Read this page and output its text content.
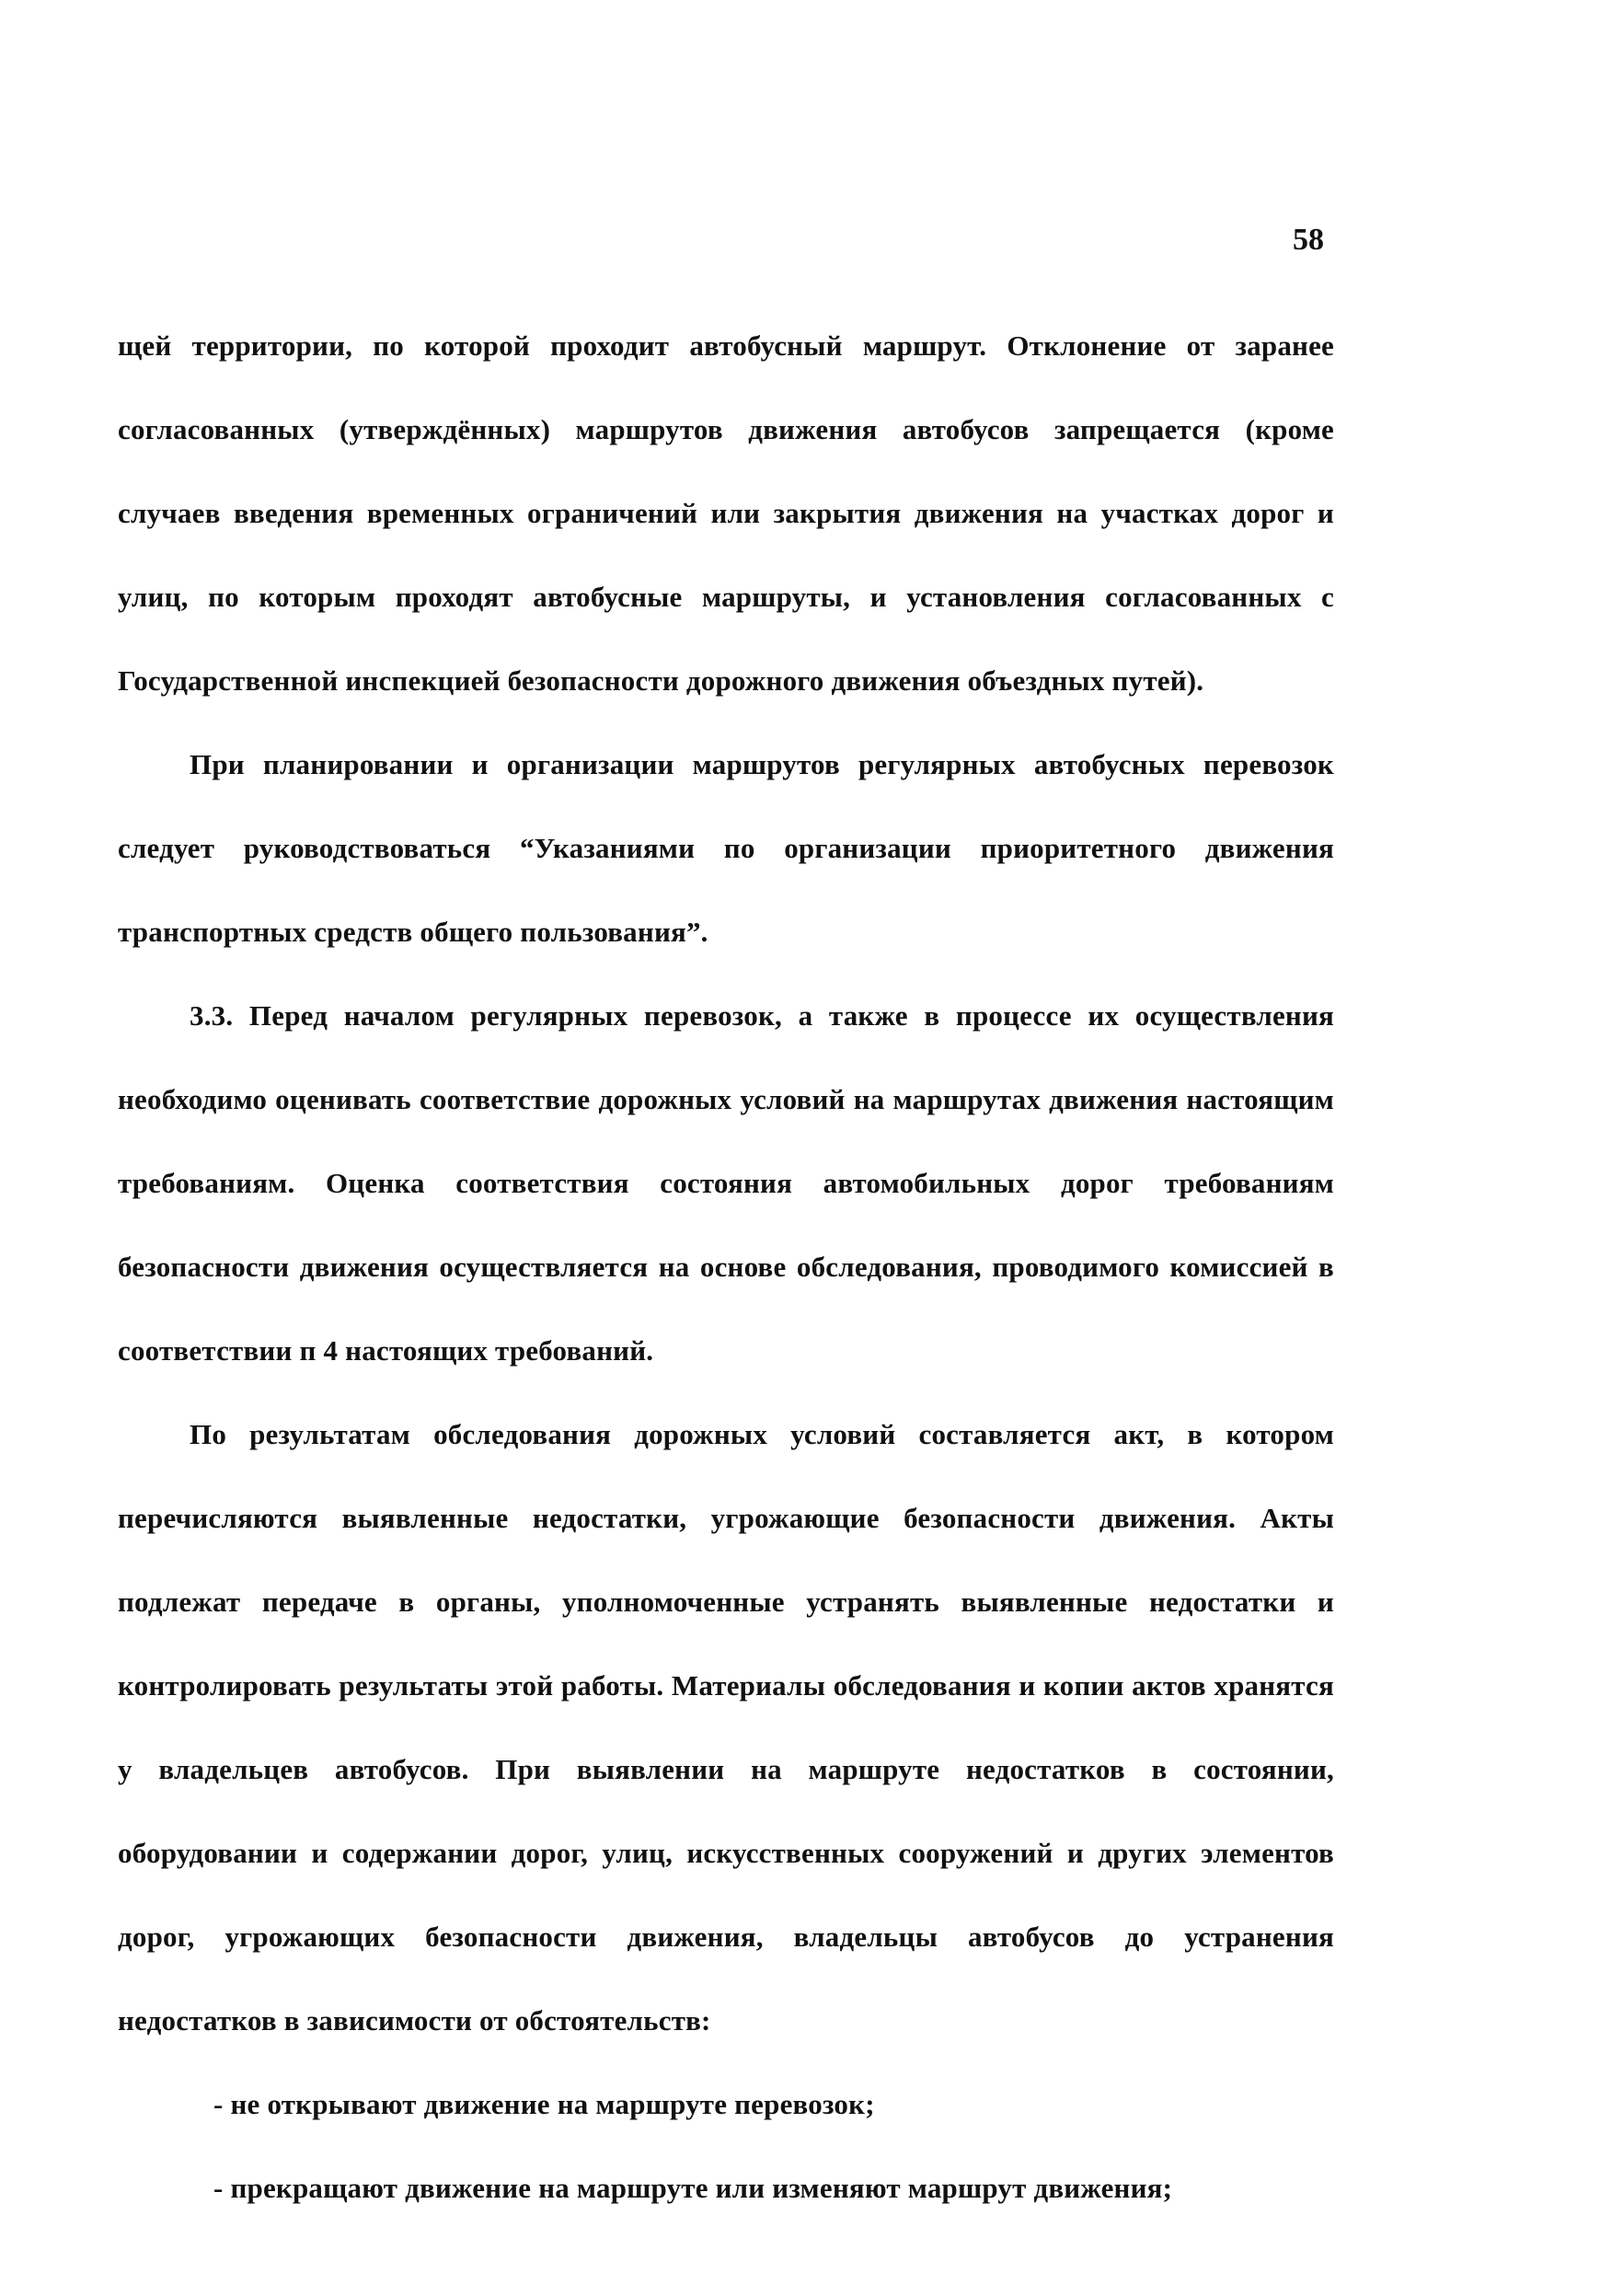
58

щей территории, по которой проходит автобусный маршрут. Отклонение от заранее согласованных (утверждённых) маршрутов движения автобусов запрещается (кроме случаев введения временных ограничений или закрытия движения на участках дорог и улиц, по которым проходят автобусные маршруты, и установления согласованных с Государственной инспекцией безопасности дорожного движения объездных путей).

При планировании и организации маршрутов регулярных автобусных перевозок следует руководствоваться “Указаниями по организации приоритетного движения транспортных средств общего пользования”.

3.3. Перед началом регулярных перевозок, а также в процессе их осуществления необходимо оценивать соответствие дорожных условий на маршрутах движения настоящим требованиям. Оценка соответствия состояния автомобильных дорог требованиям безопасности движения осуществляется на основе обследования, проводимого комиссией в соответствии п 4 настоящих требований.

По результатам обследования дорожных условий составляется акт, в котором перечисляются выявленные недостатки, угрожающие безопасности движения. Акты подлежат передаче в органы, уполномоченные устранять выявленные недостатки и контролировать результаты этой работы. Материалы обследования и копии актов хранятся у владельцев автобусов. При выявлении на маршруте недостатков в состоянии, оборудовании и содержании дорог, улиц, искусственных сооружений и других элементов дорог, угрожающих безопасности движения, владельцы автобусов до устранения недостатков в зависимости от обстоятельств:

- не открывают движение на маршруте перевозок;

- прекращают движение на маршруте или изменяют маршрут движения;
